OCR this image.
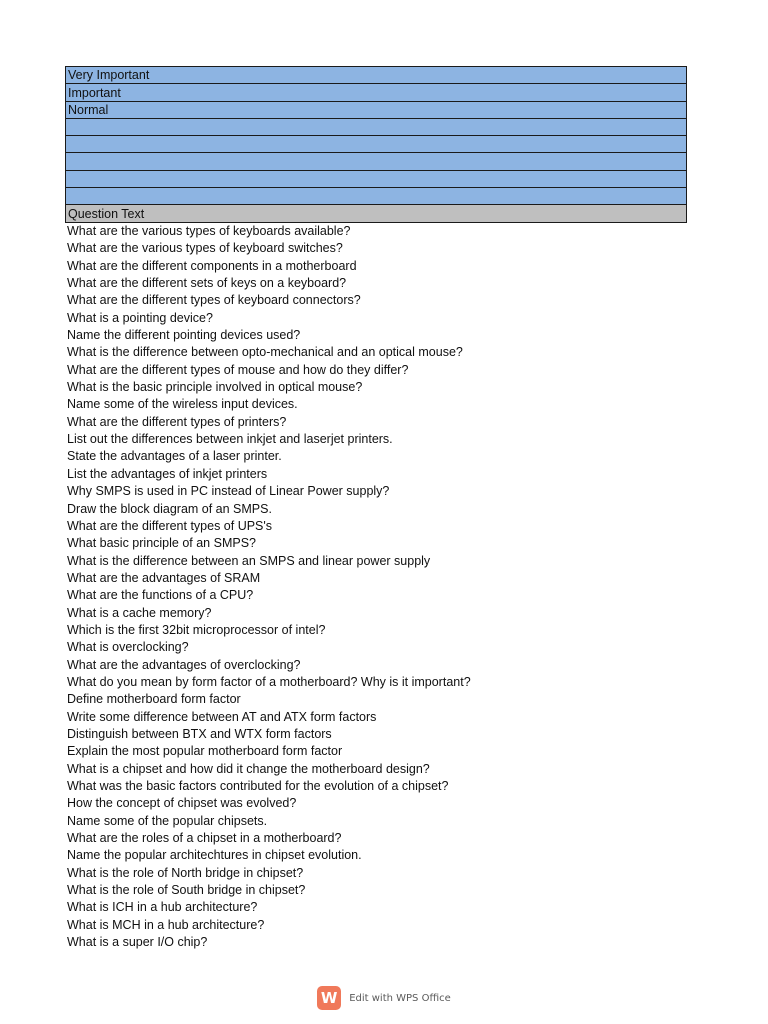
Very Important
Important
Normal

Question Text
What are the various types of keyboards available?
What are the various types of keyboard switches?
What are the different components in a motherboard
What are the different sets of keys on a keyboard?
What are the different types of keyboard connectors?
What is a pointing device?
Name the different pointing devices used?
What is the difference between opto-mechanical and an optical mouse?
What are the different types of mouse and how do they differ?
What is the basic principle involved in optical mouse?
Name some of the wireless input devices.
What are the different types of printers?
List out the differences between inkjet and laserjet printers.
State the advantages of a laser printer.
List the advantages of inkjet printers
Why SMPS is used in PC instead of Linear Power supply?
Draw the block diagram of an SMPS.
What are the different types of UPS's
What basic principle of an SMPS?
What is the difference between an SMPS and linear power supply
What are the advantages of SRAM
What are the functions of a CPU?
What is a cache memory?
Which is the first 32bit microprocessor of intel?
What is overclocking?
What are the advantages of overclocking?
What do you mean by form factor of a motherboard? Why is it important?
Define motherboard form factor
Write some difference between AT and ATX form factors
Distinguish between BTX and WTX form factors
Explain the most popular motherboard form factor
What is a chipset and how did it change the motherboard design?
What was the basic factors contributed for the evolution of a chipset?
How the concept of chipset was evolved?
Name some of the popular chipsets.
What are the roles of a chipset in a motherboard?
Name the popular architechtures in chipset evolution.
What is the role of North bridge in chipset?
What is the role of South bridge in chipset?
What is ICH in a hub architecture?
What is MCH in a hub architecture?
What is a super I/O chip?
W	Edit with WPS Office
